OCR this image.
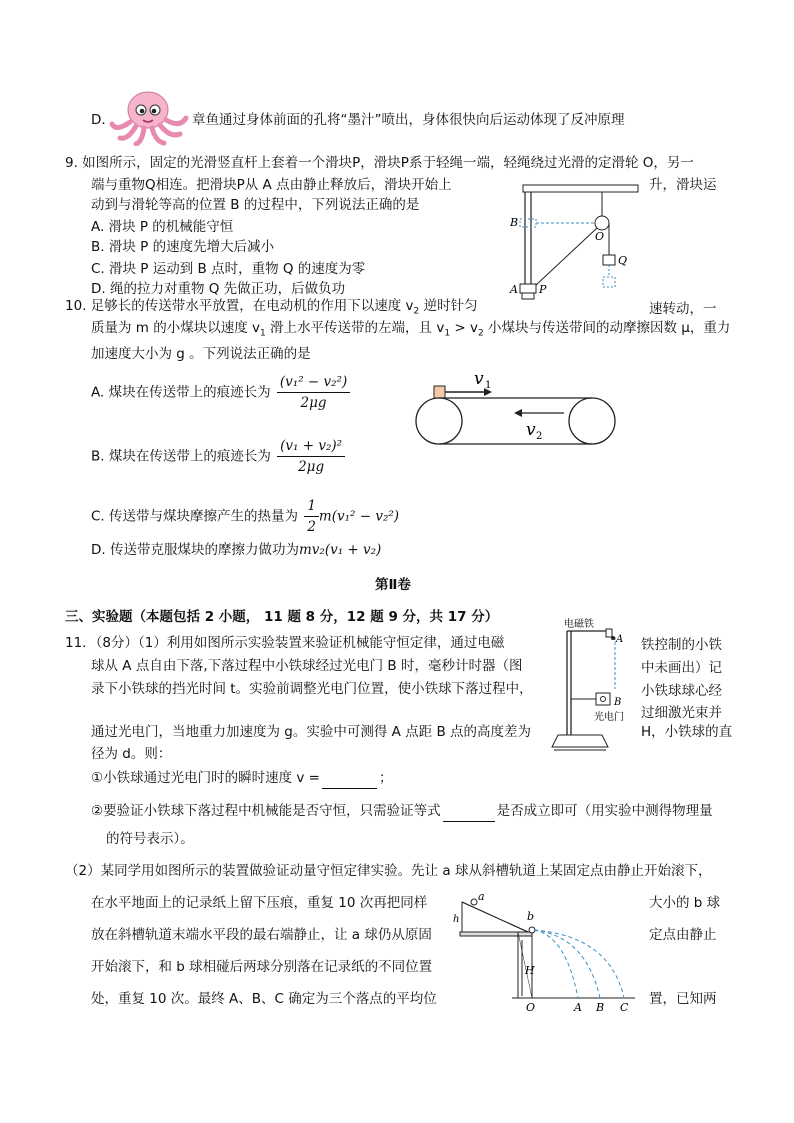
D.	章鱼通过身体前面的孔将“墨汁”喷出，身体很快向后运动体现了反冲原理
9. 如图所示，固定的光滑竖直杆上套着一个滑块P，滑块P系于轻绳一端，轻绳绕过光滑的定滑轮 O，另一
端与重物Q相连。把滑块P从 A 点由静止释放后，滑块开始上	升，滑块运
动到与滑轮等高的位置 B 的过程中，下列说法正确的是
A. 滑块 P 的机械能守恒
B. 滑块 P 的速度先增大后减小
C. 滑块 P 运动到 B 点时，重物 Q 的速度为零
D. 绳的拉力对重物 Q 先做正功，后做负功
B
O
Q
A P
10. 足够长的传送带水平放置，在电动机的作用下以速度 $v_2$ 逆时针匀	速转动，一
质量为 m 的小煤块以速度 $v_1$ 滑上水平传送带的左端，且 $v_1 > v_2$ 小煤块与传送带间的动摩擦因数 μ，重力
加速度大小为 g 。下列说法正确的是
A. 煤块在传送带上的痕迹长为 $\frac{\text{(v₁² − v₂²)}}{2\mu g}$
B. 煤块在传送带上的痕迹长为 $\frac{\text{(v₁ + v₂)²}}{2\mu g}$
C. 传送带与煤块摩擦产生的热量为 $\frac{1}{2} m(v_1^2 - v_2^2)$
D. 传送带克服煤块的摩擦力做功为mv₂(v₁ + v₂)
v 1
v 2
第Ⅱ卷
三、实验题（本题包括 2 小题， 11 题 8 分，12 题 9 分，共 17 分）
11．（8分）（1）利用如图所示实验装置来验证机械能守恒定律，通过电磁	铁控制的小铁
球从 A 点自由下落,下落过程中小铁球经过光电门 B 时，毫秒计时器（图	中未画出）记
录下小铁球的挡光时间 t。实验前调整光电门位置，使小铁球下落过程中，	小铁球球心经
过细激光束并
通过光电门，当地重力加速度为 g。实验中可测得 A 点距 B 点的高度差为	H，小铁球的直
径为 d。则：
①小铁球通过光电门时的瞬时速度 v =	；
②要验证小铁球下落过程中机械能是否守恒，只需验证等式	是否成立即可（用实验中测得物理量
的符号表示）。
电磁铁
A
B
光电门
（2）某同学用如图所示的装置做验证动量守恒定律实验。先让 a 球从斜槽轨道上某固定点由静止开始滚下，
在水平地面上的记录纸上留下压痕，重复 10 次再把同样	大小的 b 球
放在斜槽轨道末端水平段的最右端静止，让 a 球仍从原固	定点由静止
开始滚下，和 b 球相碰后两球分别落在记录纸的不同位置
处，重复 10 次。最终 A、B、C 确定为三个落点的平均位	置，已知两
a
h	b
H
O	A B C
